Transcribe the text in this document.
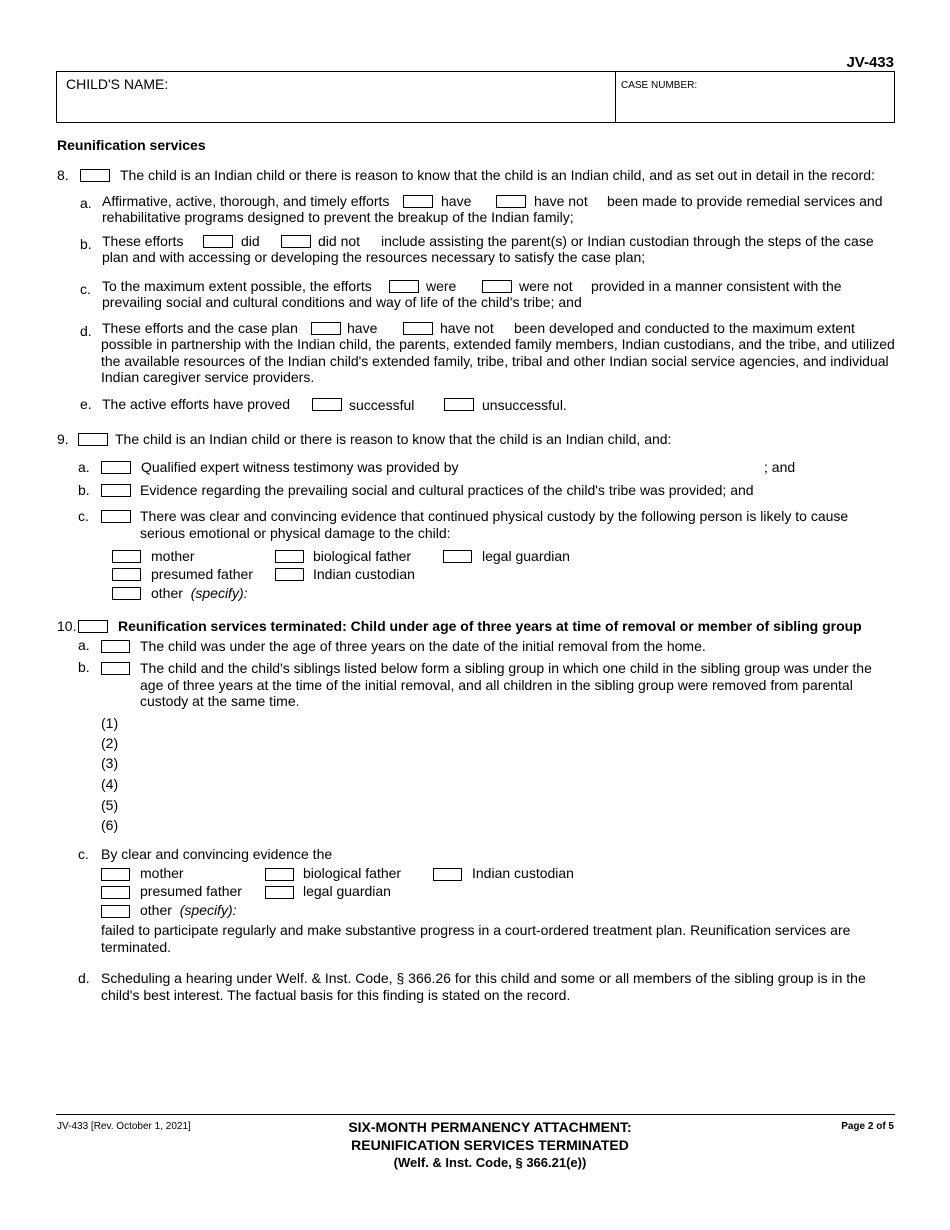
JV-433
CHILD'S NAME:	CASE NUMBER:
Reunification services
8.	The child is an Indian child or there is reason to know that the child is an Indian child, and as set out in detail in the record:
a. Affirmative, active, thorough, and timely efforts	have	have not been made to provide remedial services and
rehabilitative programs designed to prevent the breakup of the Indian family;
b. These efforts	did	did not include assisting the parent(s) or Indian custodian through the steps of the case
plan and with accessing or developing the resources necessary to satisfy the case plan;
c. To the maximum extent possible, the efforts	were	were not provided in a manner consistent with the
prevailing social and cultural conditions and way of life of the child's tribe; and
d. These efforts and the case plan	have	have not been developed and conducted to the maximum extent
possible in partnership with the Indian child, the parents, extended family members, Indian custodians, and the tribe, and utilized the available resources of the Indian child's extended family, tribe, tribal and other Indian social service agencies, and individual Indian caregiver service providers.
e. The active efforts have proved	successful	unsuccessful.
9.	The child is an Indian child or there is reason to know that the child is an Indian child, and:
a.	Qualified expert witness testimony was provided by	; and
b.	Evidence regarding the prevailing social and cultural practices of the child's tribe was provided; and
c.	There was clear and convincing evidence that continued physical custody by the following person is likely to cause serious emotional or physical damage to the child:
mother	biological father	legal guardian
presumed father	Indian custodian
other (specify):
10.	Reunification services terminated: Child under age of three years at time of removal or member of sibling group
a.	The child was under the age of three years on the date of the initial removal from the home.
b.	The child and the child's siblings listed below form a sibling group in which one child in the sibling group was under the age of three years at the time of the initial removal, and all children in the sibling group were removed from parental custody at the same time.
(1)
(2)
(3)
(4)
(5)
(6)
c. By clear and convincing evidence the
mother	biological father	Indian custodian
presumed father	legal guardian
other (specify):
failed to participate regularly and make substantive progress in a court-ordered treatment plan. Reunification services are terminated.
d. Scheduling a hearing under Welf. & Inst. Code, § 366.26 for this child and some or all members of the sibling group is in the child's best interest. The factual basis for this finding is stated on the record.
JV-433 [Rev. October 1, 2021]	SIX-MONTH PERMANENCY ATTACHMENT:
REUNIFICATION SERVICES TERMINATED
(Welf. & Inst. Code, § 366.21(e))
Page 2 of 5
